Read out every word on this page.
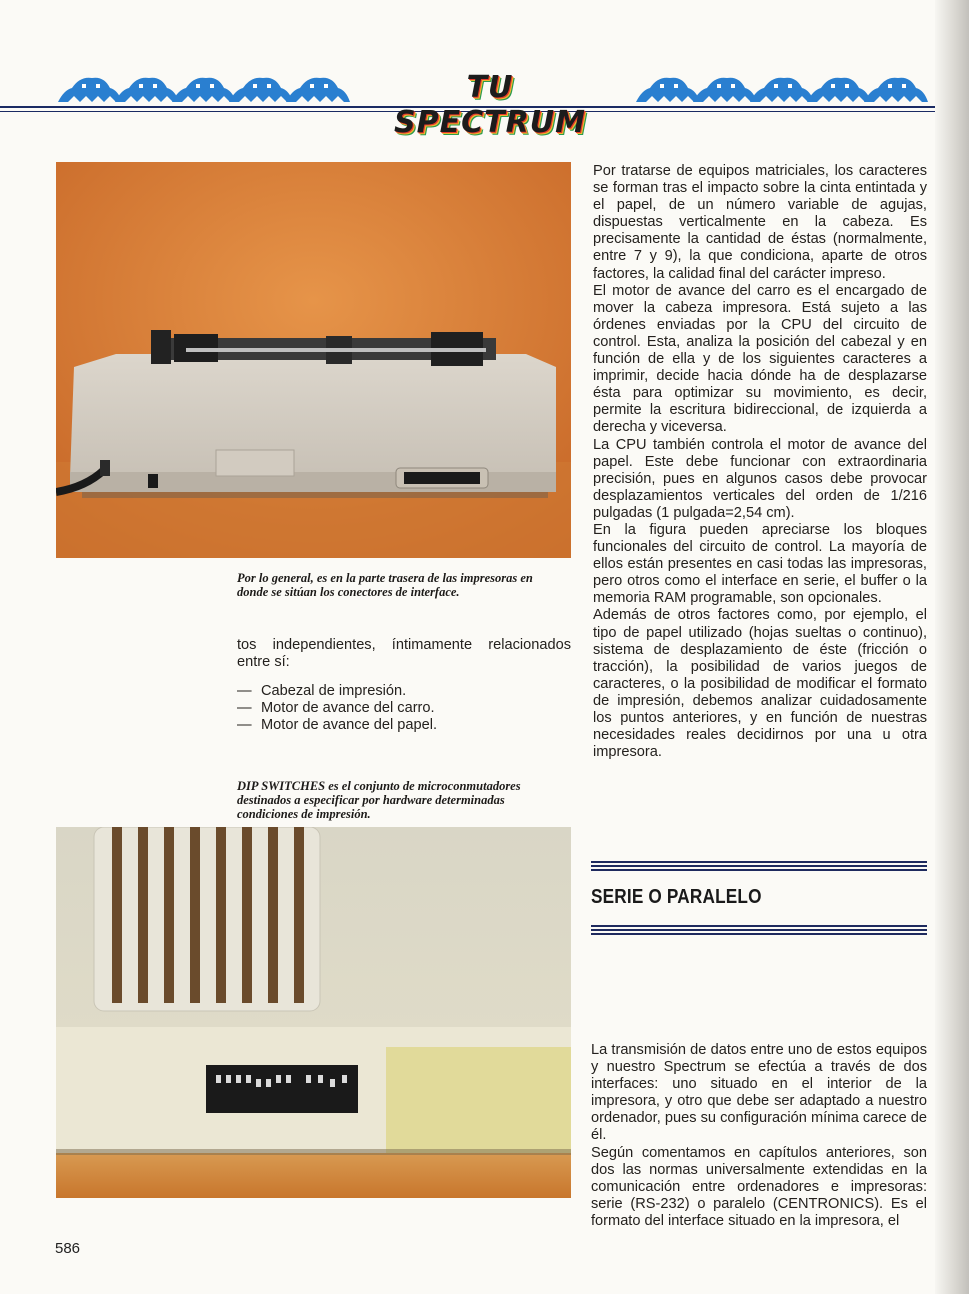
TU SPECTRUM
Por lo general, es en la parte trasera de las impresoras en donde se sitúan los conectores de interface.

tos independientes, íntimamente relacionados entre sí:

— Cabezal de impresión.
— Motor de avance del carro.
— Motor de avance del papel.
DIP SWITCHES es el conjunto de microconmutadores destinados a especificar por hardware determinadas condiciones de impresión.

Por tratarse de equipos matriciales, los caracteres se forman tras el impacto sobre la cinta entintada y el papel, de un número variable de agujas, dispuestas verticalmente en la cabeza. Es precisamente la cantidad de éstas (normalmente, entre 7 y 9), la que condiciona, aparte de otros factores, la calidad final del carácter impreso.

El motor de avance del carro es el encargado de mover la cabeza impresora. Está sujeto a las órdenes enviadas por la CPU del circuito de control. Esta, analiza la posición del cabezal y en función de ella y de los siguientes caracteres a imprimir, decide hacia dónde ha de desplazarse ésta para optimizar su movimiento, es decir, permite la escritura bidireccional, de izquierda a derecha y viceversa.

La CPU también controla el motor de avance del papel. Este debe funcionar con extraordinaria precisión, pues en algunos casos debe provocar desplazamientos verticales del orden de 1/216 pulgadas (1 pulgada=2,54 cm).

En la figura pueden apreciarse los bloques funcionales del circuito de control. La mayoría de ellos están presentes en casi todas las impresoras, pero otros como el interface en serie, el buffer o la memoria RAM programable, son opcionales.

Además de otros factores como, por ejemplo, el tipo de papel utilizado (hojas sueltas o continuo), sistema de desplazamiento de éste (fricción o tracción), la posibilidad de varios juegos de caracteres, o la posibilidad de modificar el formato de impresión, debemos analizar cuidadosamente los puntos anteriores, y en función de nuestras necesidades reales decidirnos por una u otra impresora.

SERIE O PARALELO

La transmisión de datos entre uno de estos equipos y nuestro Spectrum se efectúa a través de dos interfaces: uno situado en el interior de la impresora, y otro que debe ser adaptado a nuestro ordenador, pues su configuración mínima carece de él.

Según comentamos en capítulos anteriores, son dos las normas universalmente extendidas en la comunicación entre ordenadores e impresoras: serie (RS-232) o paralelo (CENTRONICS). Es el formato del interface situado en la impresora, el

586
